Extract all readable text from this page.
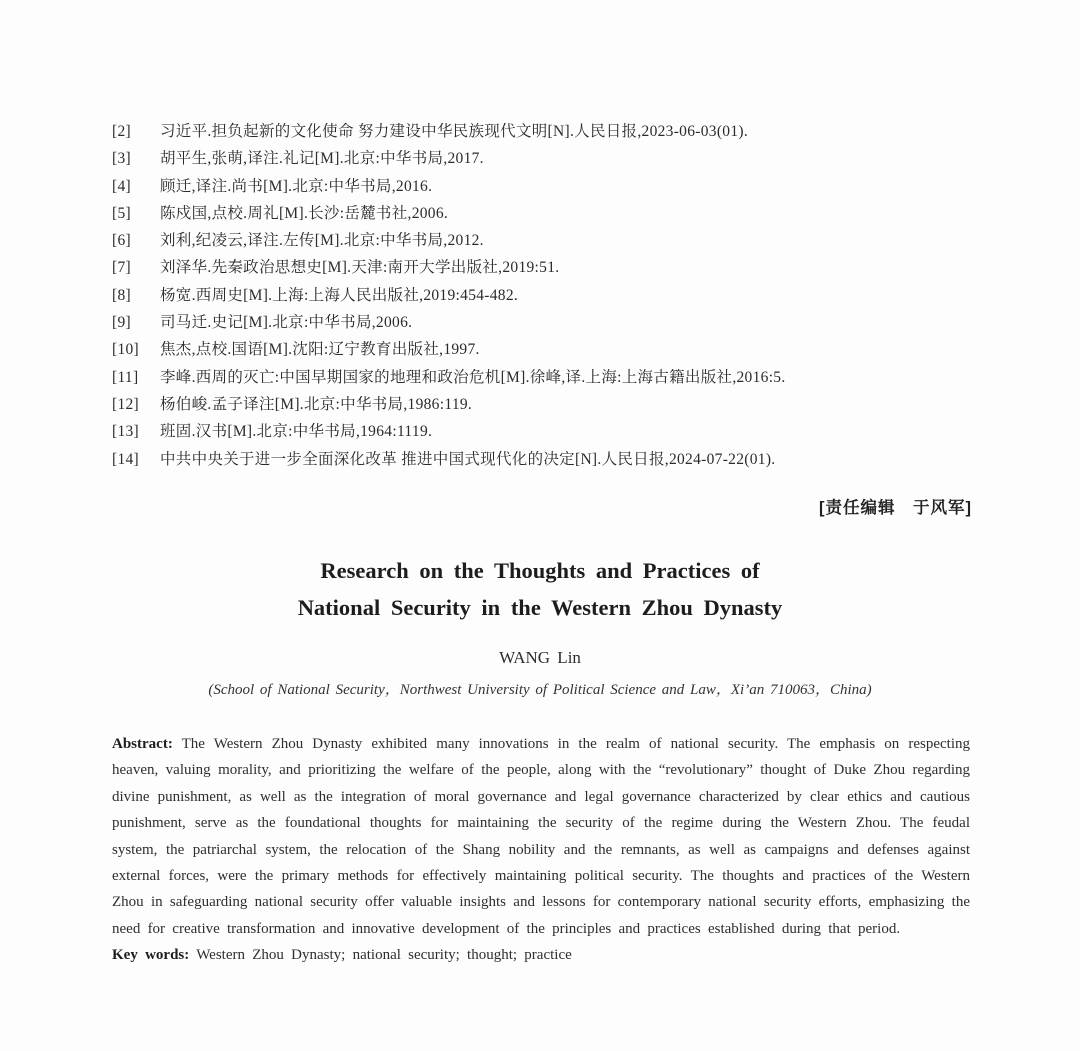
[2]	习近平.担负起新的文化使命 努力建设中华民族现代文明[N].人民日报,2023-06-03(01).
[3]	胡平生,张萌,译注.礼记[M].北京:中华书局,2017.
[4]	顾迁,译注.尚书[M].北京:中华书局,2016.
[5]	陈戍国,点校.周礼[M].长沙:岳麓书社,2006.
[6]	刘利,纪凌云,译注.左传[M].北京:中华书局,2012.
[7]	刘泽华.先秦政治思想史[M].天津:南开大学出版社,2019:51.
[8]	杨宽.西周史[M].上海:上海人民出版社,2019:454-482.
[9]	司马迁.史记[M].北京:中华书局,2006.
[10]	焦杰,点校.国语[M].沈阳:辽宁教育出版社,1997.
[11]	李峰.西周的灭亡:中国早期国家的地理和政治危机[M].徐峰,译.上海:上海古籍出版社,2016:5.
[12]	杨伯峻.孟子译注[M].北京:中华书局,1986:119.
[13]	班固.汉书[M].北京:中华书局,1964:1119.
[14]	中共中央关于进一步全面深化改革 推进中国式现代化的决定[N].人民日报,2024-07-22(01).
[责任编辑　于风军]
Research on the Thoughts and Practices of
National Security in the Western Zhou Dynasty
WANG Lin
(School of National Security，Northwest University of Political Science and Law，Xi’an 710063，China)

Abstract: The Western Zhou Dynasty exhibited many innovations in the realm of national security. The emphasis on respecting heaven, valuing morality, and prioritizing the welfare of the people, along with the “revolutionary” thought of Duke Zhou regarding divine punishment, as well as the integration of moral governance and legal governance characterized by clear ethics and cautious punishment, serve as the foundational thoughts for maintaining the security of the regime during the Western Zhou. The feudal system, the patriarchal system, the relocation of the Shang nobility and the remnants, as well as campaigns and defenses against external forces, were the primary methods for effectively maintaining political security. The thoughts and practices of the Western Zhou in safeguarding national security offer valuable insights and lessons for contemporary national security efforts, emphasizing the need for creative transformation and innovative development of the principles and practices established during that period.

Key words: Western Zhou Dynasty; national security; thought; practice
